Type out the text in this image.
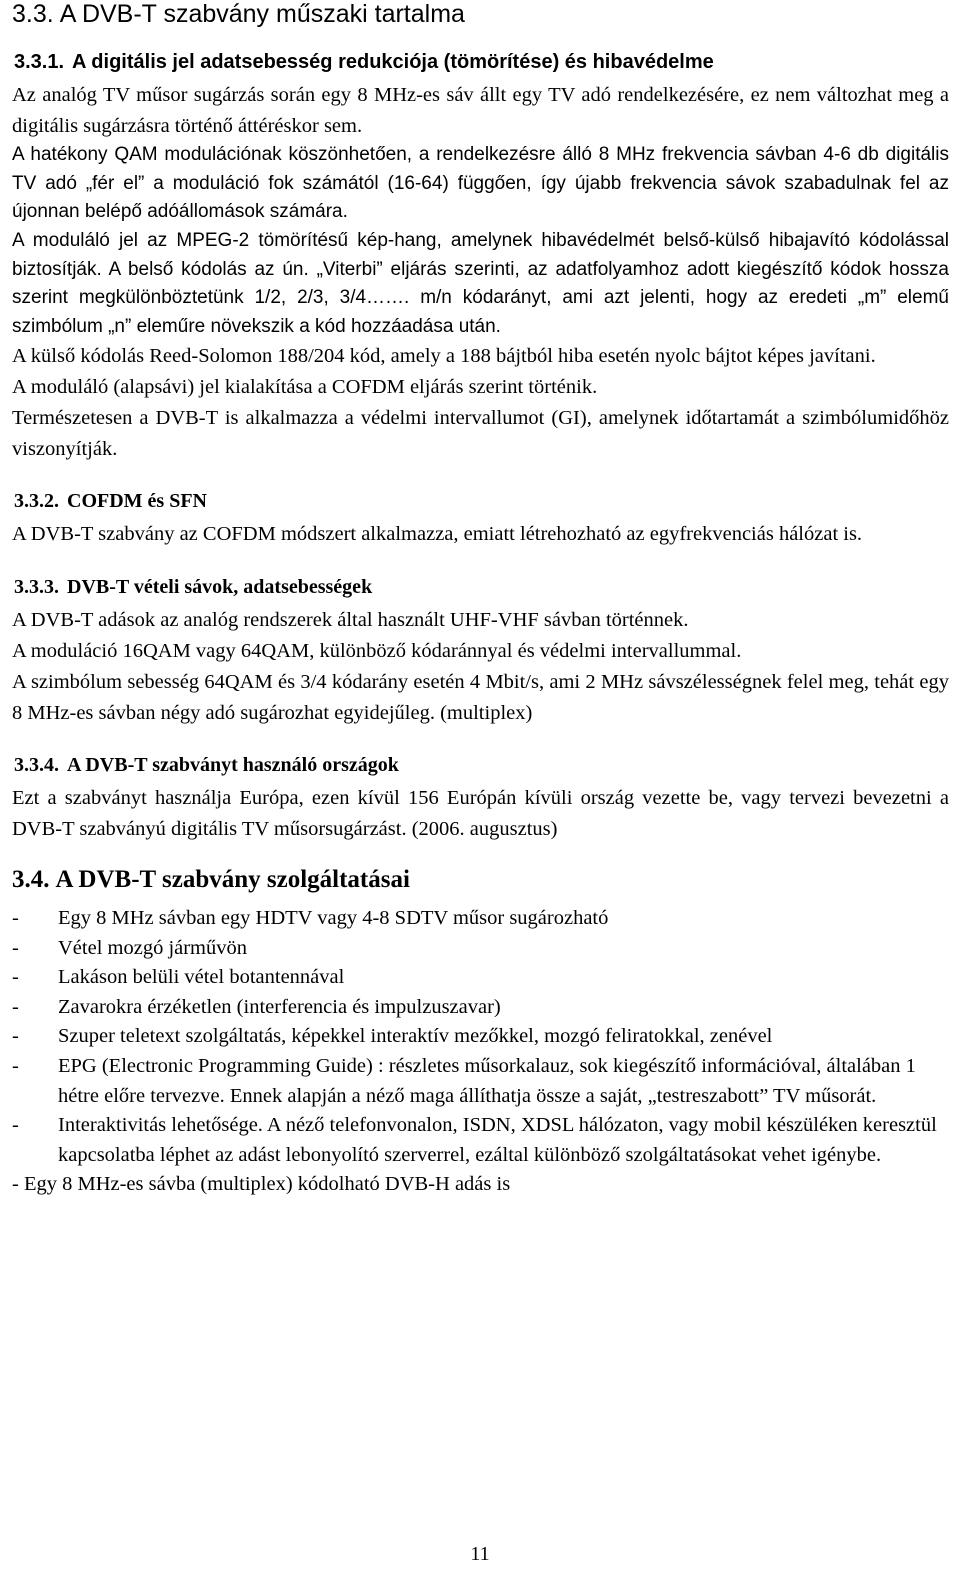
3.3. A DVB-T szabvány műszaki tartalma
3.3.1. A digitális jel adatsebesség redukciója (tömörítése) és hibavédelme

Az analóg TV műsor sugárzás során egy 8 MHz-es sáv állt egy TV adó rendelkezésére, ez nem változhat meg a digitális sugárzásra történő áttéréskor sem.

A hatékony QAM modulációnak köszönhetően, a rendelkezésre álló 8 MHz frekvencia sávban 4-6 db digitális TV adó „fér el” a moduláció fok számától (16-64) függően, így újabb frekvencia sávok szabadulnak fel az újonnan belépő adóállomások számára.

A moduláló jel az MPEG-2 tömörítésű kép-hang, amelynek hibavédelmét belső-külső hibajavító kódolással biztosítják. A belső kódolás az ún. „Viterbi” eljárás szerinti, az adatfolyamhoz adott kiegészítő kódok hossza szerint megkülönböztetünk 1/2, 2/3, 3/4……. m/n kódarányt, ami azt jelenti, hogy az eredeti „m” elemű szimbólum „n” eleműre növekszik a kód hozzáadása után.

A külső kódolás Reed-Solomon 188/204 kód, amely a 188 bájtból hiba esetén nyolc bájtot képes javítani.

A moduláló (alapsávi) jel kialakítása a COFDM eljárás szerint történik.

Természetesen a DVB-T is alkalmazza a védelmi intervallumot (GI), amelynek időtartamát a szimbólumidőhöz viszonyítják.

3.3.2. COFDM és SFN

A DVB-T szabvány az COFDM módszert alkalmazza, emiatt létrehozható az egyfrekvenciás hálózat is.

3.3.3. DVB-T vételi sávok, adatsebességek

A DVB-T adások az analóg rendszerek által használt UHF-VHF sávban történnek.

A moduláció 16QAM vagy 64QAM, különböző kódaránnyal és védelmi intervallummal.

A szimbólum sebesség 64QAM és 3/4 kódarány esetén 4 Mbit/s, ami 2 MHz sávszélességnek felel meg, tehát egy 8 MHz-es sávban négy adó sugározhat egyidejűleg. (multiplex)

3.3.4. A DVB-T szabványt használó országok

Ezt a szabványt használja Európa, ezen kívül 156 Európán kívüli ország vezette be, vagy tervezi bevezetni a DVB-T szabványú digitális TV műsorsugárzást. (2006. augusztus)

3.4. A DVB-T szabvány szolgáltatásai
- Egy 8 MHz sávban egy HDTV vagy 4-8 SDTV műsor sugározható
- Vétel mozgó járművön
- Lakáson belüli vétel botantennával
- Zavarokra érzéketlen (interferencia és impulzuszavar)
- Szuper teletext szolgáltatás, képekkel interaktív mezőkkel, mozgó feliratokkal, zenével
- EPG (Electronic Programming Guide) : részletes műsorkalauz, sok kiegészítő információval, általában 1 hétre előre tervezve. Ennek alapján a néző maga állíthatja össze a saját, „testreszabott” TV műsorát.
- Interaktivitás lehetősége. A néző telefonvonalon, ISDN, XDSL hálózaton, vagy mobil készüléken keresztül kapcsolatba léphet az adást lebonyolító szerverrel, ezáltal különböző szolgáltatásokat vehet igénybe.
- Egy 8 MHz-es sávba (multiplex) kódolható DVB-H adás is
11
